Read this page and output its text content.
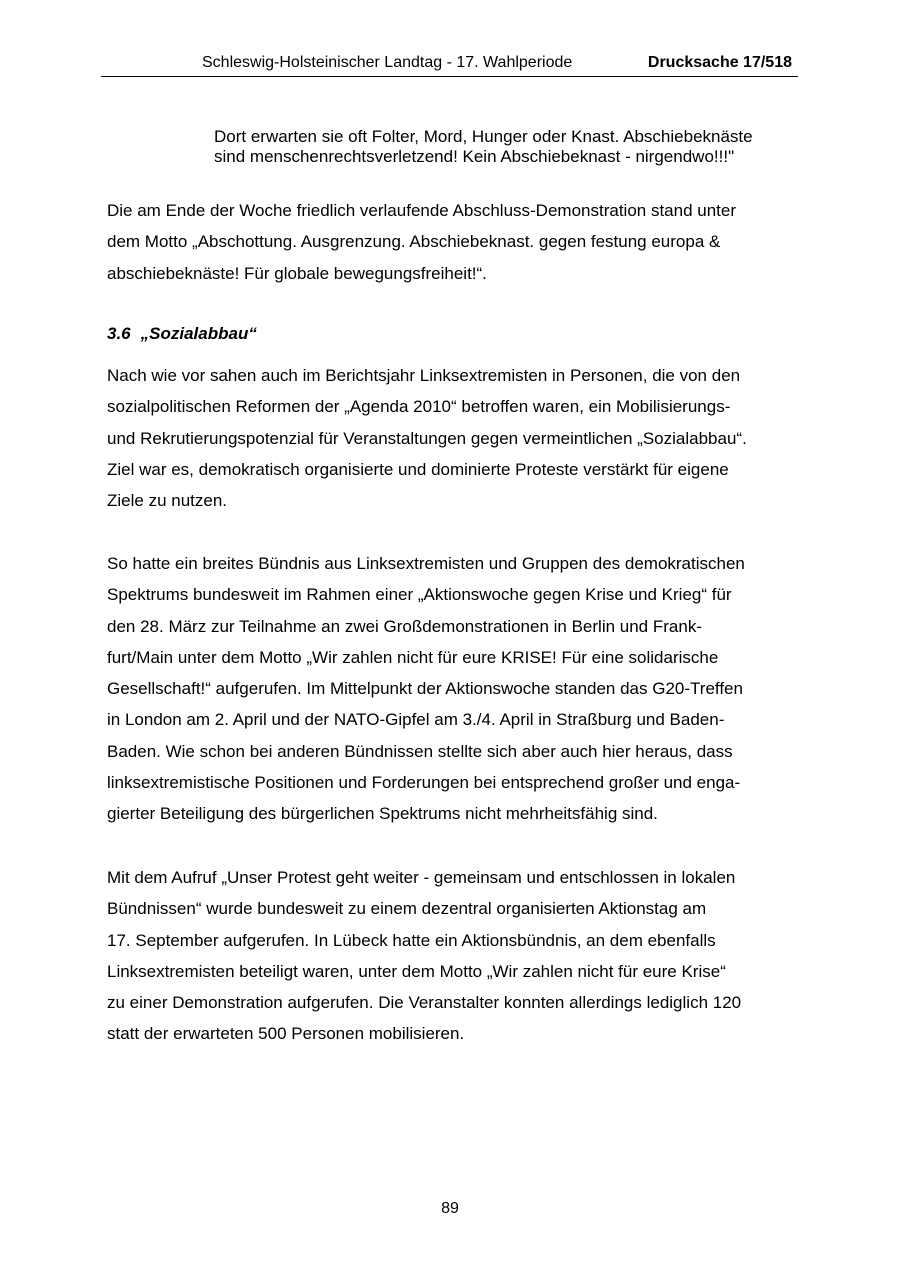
Schleswig-Holsteinischer Landtag - 17. Wahlperiode	Drucksache 17/518

Dort erwarten sie oft Folter, Mord, Hunger oder Knast. Abschiebeknäste

sind menschenrechtsverletzend! Kein Abschiebeknast - nirgendwo!!!"

Die am Ende der Woche friedlich verlaufende Abschluss-Demonstration stand unter

dem Motto „Abschottung. Ausgrenzung. Abschiebeknast. gegen festung europa &

abschiebeknäste! Für globale bewegungsfreiheit!“.

3.6 „Sozialabbau“

Nach wie vor sahen auch im Berichtsjahr Linksextremisten in Personen, die von den

sozialpolitischen Reformen der „Agenda 2010“ betroffen waren, ein Mobilisierungs-

und Rekrutierungspotenzial für Veranstaltungen gegen vermeintlichen „Sozialabbau“.

Ziel war es, demokratisch organisierte und dominierte Proteste verstärkt für eigene

Ziele zu nutzen.

So hatte ein breites Bündnis aus Linksextremisten und Gruppen des demokratischen

Spektrums bundesweit im Rahmen einer „Aktionswoche gegen Krise und Krieg“ für

den 28. März zur Teilnahme an zwei Großdemonstrationen in Berlin und Frank-

furt/Main unter dem Motto „Wir zahlen nicht für eure KRISE! Für eine solidarische

Gesellschaft!“ aufgerufen. Im Mittelpunkt der Aktionswoche standen das G20-Treffen

in London am 2. April und der NATO-Gipfel am 3./4. April in Straßburg und Baden-

Baden. Wie schon bei anderen Bündnissen stellte sich aber auch hier heraus, dass

linksextremistische Positionen und Forderungen bei entsprechend großer und enga-

gierter Beteiligung des bürgerlichen Spektrums nicht mehrheitsfähig sind.

Mit dem Aufruf „Unser Protest geht weiter - gemeinsam und entschlossen in lokalen

Bündnissen“ wurde bundesweit zu einem dezentral organisierten Aktionstag am

17. September aufgerufen. In Lübeck hatte ein Aktionsbündnis, an dem ebenfalls

Linksextremisten beteiligt waren, unter dem Motto „Wir zahlen nicht für eure Krise“

zu einer Demonstration aufgerufen. Die Veranstalter konnten allerdings lediglich 120

statt der erwarteten 500 Personen mobilisieren.

89
